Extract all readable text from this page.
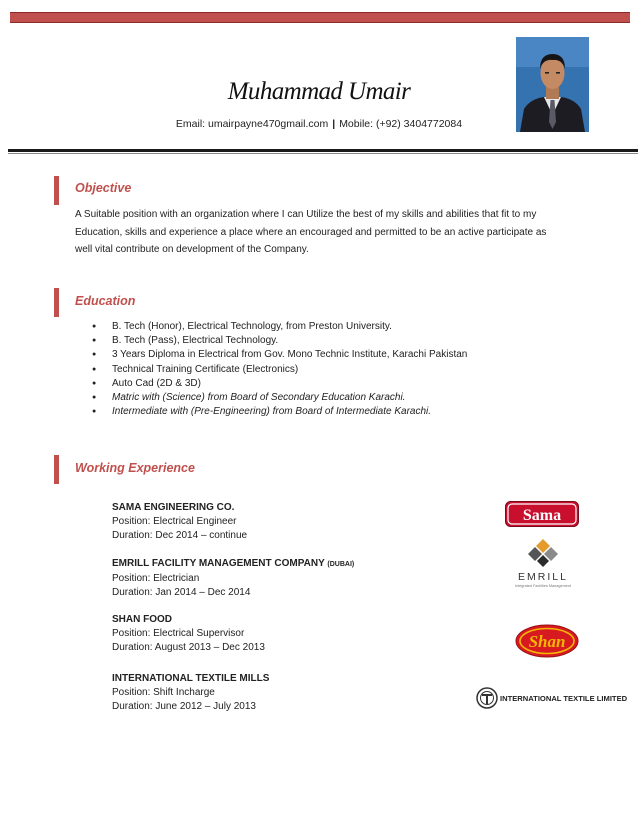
Muhammad Umair
Email: umairpayne470gmail.com | Mobile: (+92) 3404772084
Objective
A Suitable position with an organization where I can Utilize the best of my skills and abilities that fit to my Education, skills and experience a place where an encouraged and permitted to be an active participate as well vital contribute on development of the Company.
Education
● B. Tech (Honor), Electrical Technology, from Preston University.
● B. Tech (Pass), Electrical Technology.
● 3 Years Diploma in Electrical from Gov. Mono Technic Institute, Karachi Pakistan
● Technical Training Certificate (Electronics)
● Auto Cad (2D & 3D)
● Matric with (Science) from Board of Secondary Education Karachi.
● Intermediate with (Pre-Engineering) from Board of Intermediate Karachi.
Working Experience
SAMA ENGINEERING CO.
Position: Electrical Engineer
Duration: Dec 2014 – continue
EMRILL FACILITY MANAGEMENT COMPANY (DUBAI)
Position: Electrician
Duration: Jan 2014 – Dec 2014
SHAN FOOD
Position: Electrical Supervisor
Duration: August 2013 – Dec 2013
INTERNATIONAL TEXTILE MILLS
Position: Shift Incharge
Duration: June 2012 – July 2013
Sama
EMRILL
Integrated Facilities Management
Shan
INTERNATIONAL TEXTILE LIMITED
